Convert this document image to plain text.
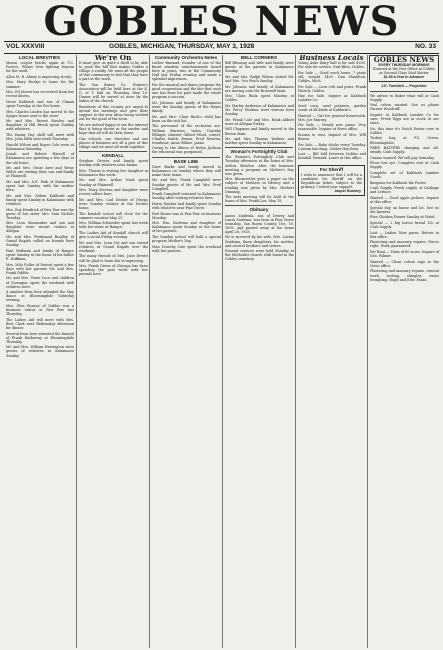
GOBLES NEWS
VOL XXXVIII	GOBLES, MICHIGAN, THURSDAY, MAY 3, 1928	NO. 33
LOCAL BREVITIES
Mason cooper bricks again at T.C. Foote's, Wheat Vern lighting beacon for the vault.
Allen M. R. Abney is improving slowly.
Mrs. Mary Hoekje is home for the summer.
Mrs. Ed Moore has recovered from her recent illness.
Verne Kabbush and son of Climax spent Tuesday at the Poe home.
Mrs. Charles Linden has moved to the Spiger house next to the store.
Mr. and Mrs. Ernest Hawley and daughter of Hill Brook spent Sunday with relatives.
The Danny Day shell will meet with Mrs. Julia Mills next week Thursday.
Harold Wilcox and Roger Cole were at Kalamazoo Saturday.
Josiah and Robert Harrell of Kalamazoo are spending a few days at the old home.
Mr. and Mrs. Oscar Aver and Verne Welch are visiting their son and family at Plainwell.
Mr. and Mrs. A.E. Park of Kalamazoo spent last Sunday with his mother here.
Mr. and Mrs. Milton Kabbush and family spent Sunday in Kalamazoo with relatives.
Mrs. Roy Hendrick of Paw Paw was the guest of her sister Mrs. Sam Nichols Tuesday.
Mrs. Leon Shoemaker and son and daughter were recent visitors at Allegan.
Mr. and Mrs. Ferdinand Bradley of Grand Rapids called on friends here Sunday.
Paul Huffman and family of Bangor spent Sunday at the home of his father E. Huffman.
Mrs. Milo Fuller of Detroit spent a few days with her parents Mr. and Mrs. Frank Dibble.
Mr. and Mrs. Verne Luce and children of Dowagiac spent the weekend with relatives here.
A number from here attended the May dance at Bloomingdale Saturday evening.
Mrs. Glen Bourne of Gobles was a business visitor at Paw Paw last Thursday.
The Ladies Aid will meet with Mrs. Bert Clark next Wednesday afternoon for dinner.
Several from here attended the funeral of Frank Hathaway at Bloomingdale Thursday.
Mr. and Mrs. William Herrington were guests of relatives in Kalamazoo Sunday.
We're On
It must give us quite a thrill to be able to push the bill that makes Gobles a village a reality. We want all the people of this community to feel that they have a part in the work.
The Van Buren Co. Women's Association will be held here at the K. O. of T. hall on Thursday, May 10. Dinner will be served at noon by the ladies of the church.
Residents of this vicinity are urged to attend the meetings and give their support to the new ideas being worked out for the good of the town.
We are indeed happy to see the interest that is being shown in the matter and hope that all will do their share.
Our schools, our churches and our places of business are all a part of this village and we must all work together.
KENDALL
Stephen Groves and family spent Sunday with relatives near Alamo.
Mrs. Thorne is visiting her daughter in Kalamazoo this week.
Mr. and Mrs. Arthur Nash spent Sunday at Plainwell.
Mrs. Mary Stevens and daughter were recent callers here.
Mr. and Mrs. Carl Decker of Otsego were Sunday visitors at the Decker home.
The Kendall school will close for the summer vacation May 25.
Mrs. William Schroeder spent last week with her sister at Bangor.
The Ladies Aid of Kendall church will give a social Friday evening.
Mr. and Mrs. Leon Orr and son visited relatives at Grand Rapids over the weekend.
The many friends of Mrs. Jane Dewitt will be glad to learn she is improving.
Mrs. Frank Green of Chicago has been spending the past week with her parents here.
Community Orchestra Notes
Luther Barnard, founder of one of the finest amateur entertainments heard here in years, was at the Community Hall last Friday evening and made a splendid impression.
For the musical and dance program the good cooperation and the fact that each one has done his part made the whole program a success.
Mr. Johnson and family of Kalamazoo were the Sunday guests of the Hayes family.
Mr. and Mrs. Clare Buck's child has been on the sick list.
The personnel of the orchestra are: William Burrows, violin; Dorothy Ellinger, clarinet; Gilbert Wood, cornet; Charles Smith, drums; Fred Newton, trombone; Anna Wilkes, piano.
Owing to the illness of Helen Jackson the rehearsal was postponed.
BASE LINE
Dave Burke and family moved to Kalamazoo on Sunday where they will make their home.
Mr. and Mrs. Frank Campbell were Sunday guests of Mr. and Mrs. Fred Campbell.
Frank Campbell returned to Kalamazoo Sunday after visiting relatives here.
Harry Dunbar and family spent Sunday with relatives near Pine Grove.
Earl Boone was at Paw Paw on business Monday.
Mrs. Wm. Zuidema and daughter of Kalamazoo spent Sunday at the home of her parents.
The Sunday school will hold a special program Mother's Day.
Miss Dorothy Cole spent the weekend with her parents.
BELL CORNERS
Bill Blessing and wife and family were guests of his parents in Kalamazoo Sunday.
Mr. and Mrs. Ralph Wilson visited Mr. and Mrs. Ora Finch Sunday.
Mr. Johnson and family of Kalamazoo are moving onto the Brownell farm.
Mrs. Clara Buck spent Monday at Gobles.
Mr. Harley Anderson of Kalamazoo and Mr. Percy Hoskins were visitors here Sunday.
Mr. Frank Cole and Mrs. Hank Abbott were at Allegan Friday.
Will Chapman and family moved to the Brown farm.
Mr. and Mrs. Thomas Walters and mother spent Sunday in Kalamazoo.
Woman's Fortnightly Club
The Woman's Fortnightly Club met Tuesday afternoon at the home of Mrs. Arthur Sheldon. After the business meeting a program on Mother's Day was given.
Mrs. Bloomsetter gave a paper on the subject of Mothers in History and a reading was given by Mrs. Herbert Dunning.
The next meeting will be held at the home of Mrs. Frank Lee, May 15.
Obituary
Aaron Zuidema, son of Dewey and Laura Zuidema, was born in Pine Grove township, Van Buren County, Dec. 10, 1895, and passed away at his home April 28, 1928.
He is survived by his wife, Mrs. Lovina Zuidema, three daughters, his mother, and several brothers and sisters.
Funeral services were held Monday at the Methodist church with burial in the Gobles cemetery.
Business Locals
Young Ashe Dairy bull is for sale $200. For sale for service. Earl Bliss, Gobles.
For Sale — Good work horse, 7 years old, weight 1400. Dan Hamilton, Gobles, Mich.
For Sale — Corn crib and posts. Frank Patrick, Gobles.
Hay for Sale. Inquire at Kabbush Lumber Co.
Seed corn, seed potatoes, garden seeds of all kinds at Kabbush's.
Wanted — Girl for general housework. Mrs. Joe Murray.
For Sale — Nearly new piano. Very reasonable. Inquire at News office.
Rooms to rent. Inquire of Mrs. Will Brown.
For Sale — Baby chicks every Tuesday. Custom hatching. Gobles Hatchery.
Lost — Bill fold between Gobles and Kendall. Reward. Leave at this office.
For Sheriff
I wish to announce that I will be a candidate for Sheriff on the Republican ticket, subject to the primary. I solicit your support.
Jasper Bunkley
GOBLES NEWS
EVERY THURSDAY MORNING
Entered at the Post Office at Gobles as Second Class Mail Matter
$1.50 a Year in Advance
J.E. Tweddell — Proprietor
We advise to Baker what will at Cash Supply.
Veal calves wanted. See us phone Farmer Woodruff.
Inquire at Kabbush Lumber Co for sure. Fresh Eggs are in stock at our store.
No, this time it's Dutch Easter ever to Gobles.
Turkey hay, at F.S. Green, Bloomingdale.
FREE BATTERY charging and alt. steady. Cash Supply.
Onions wanted. We will pay Saturday.
Flour lost rye. Complete reel at Cash Supply.
Complete set of Kabbush Lumber Goods.
Bargains for Kabbush the Foster.
Cash Supply. Fresh supply of Cabbage and Lettuce.
Wanted — Good apple pickers. Inquire at this office.
Special buy on house and lot. See us the farmers.
Fine Chicken Dinner Sunday at Hotel.
Special — 2 big loaves bread 15c at Cash Supply.
Lost — Ladies' blue purse. Return to this office.
Plastering and masonry repairs. Prices right. Work guaranteed.
For Rent — Farm of 80 acres. Inquire of Geo. Palmer.
Wanted — Clean cotton rags at the News office.
Plastering and masonry repairs, cement work, roofing, shingles, eaves troughing. Hugh and Edw. Fasan.
